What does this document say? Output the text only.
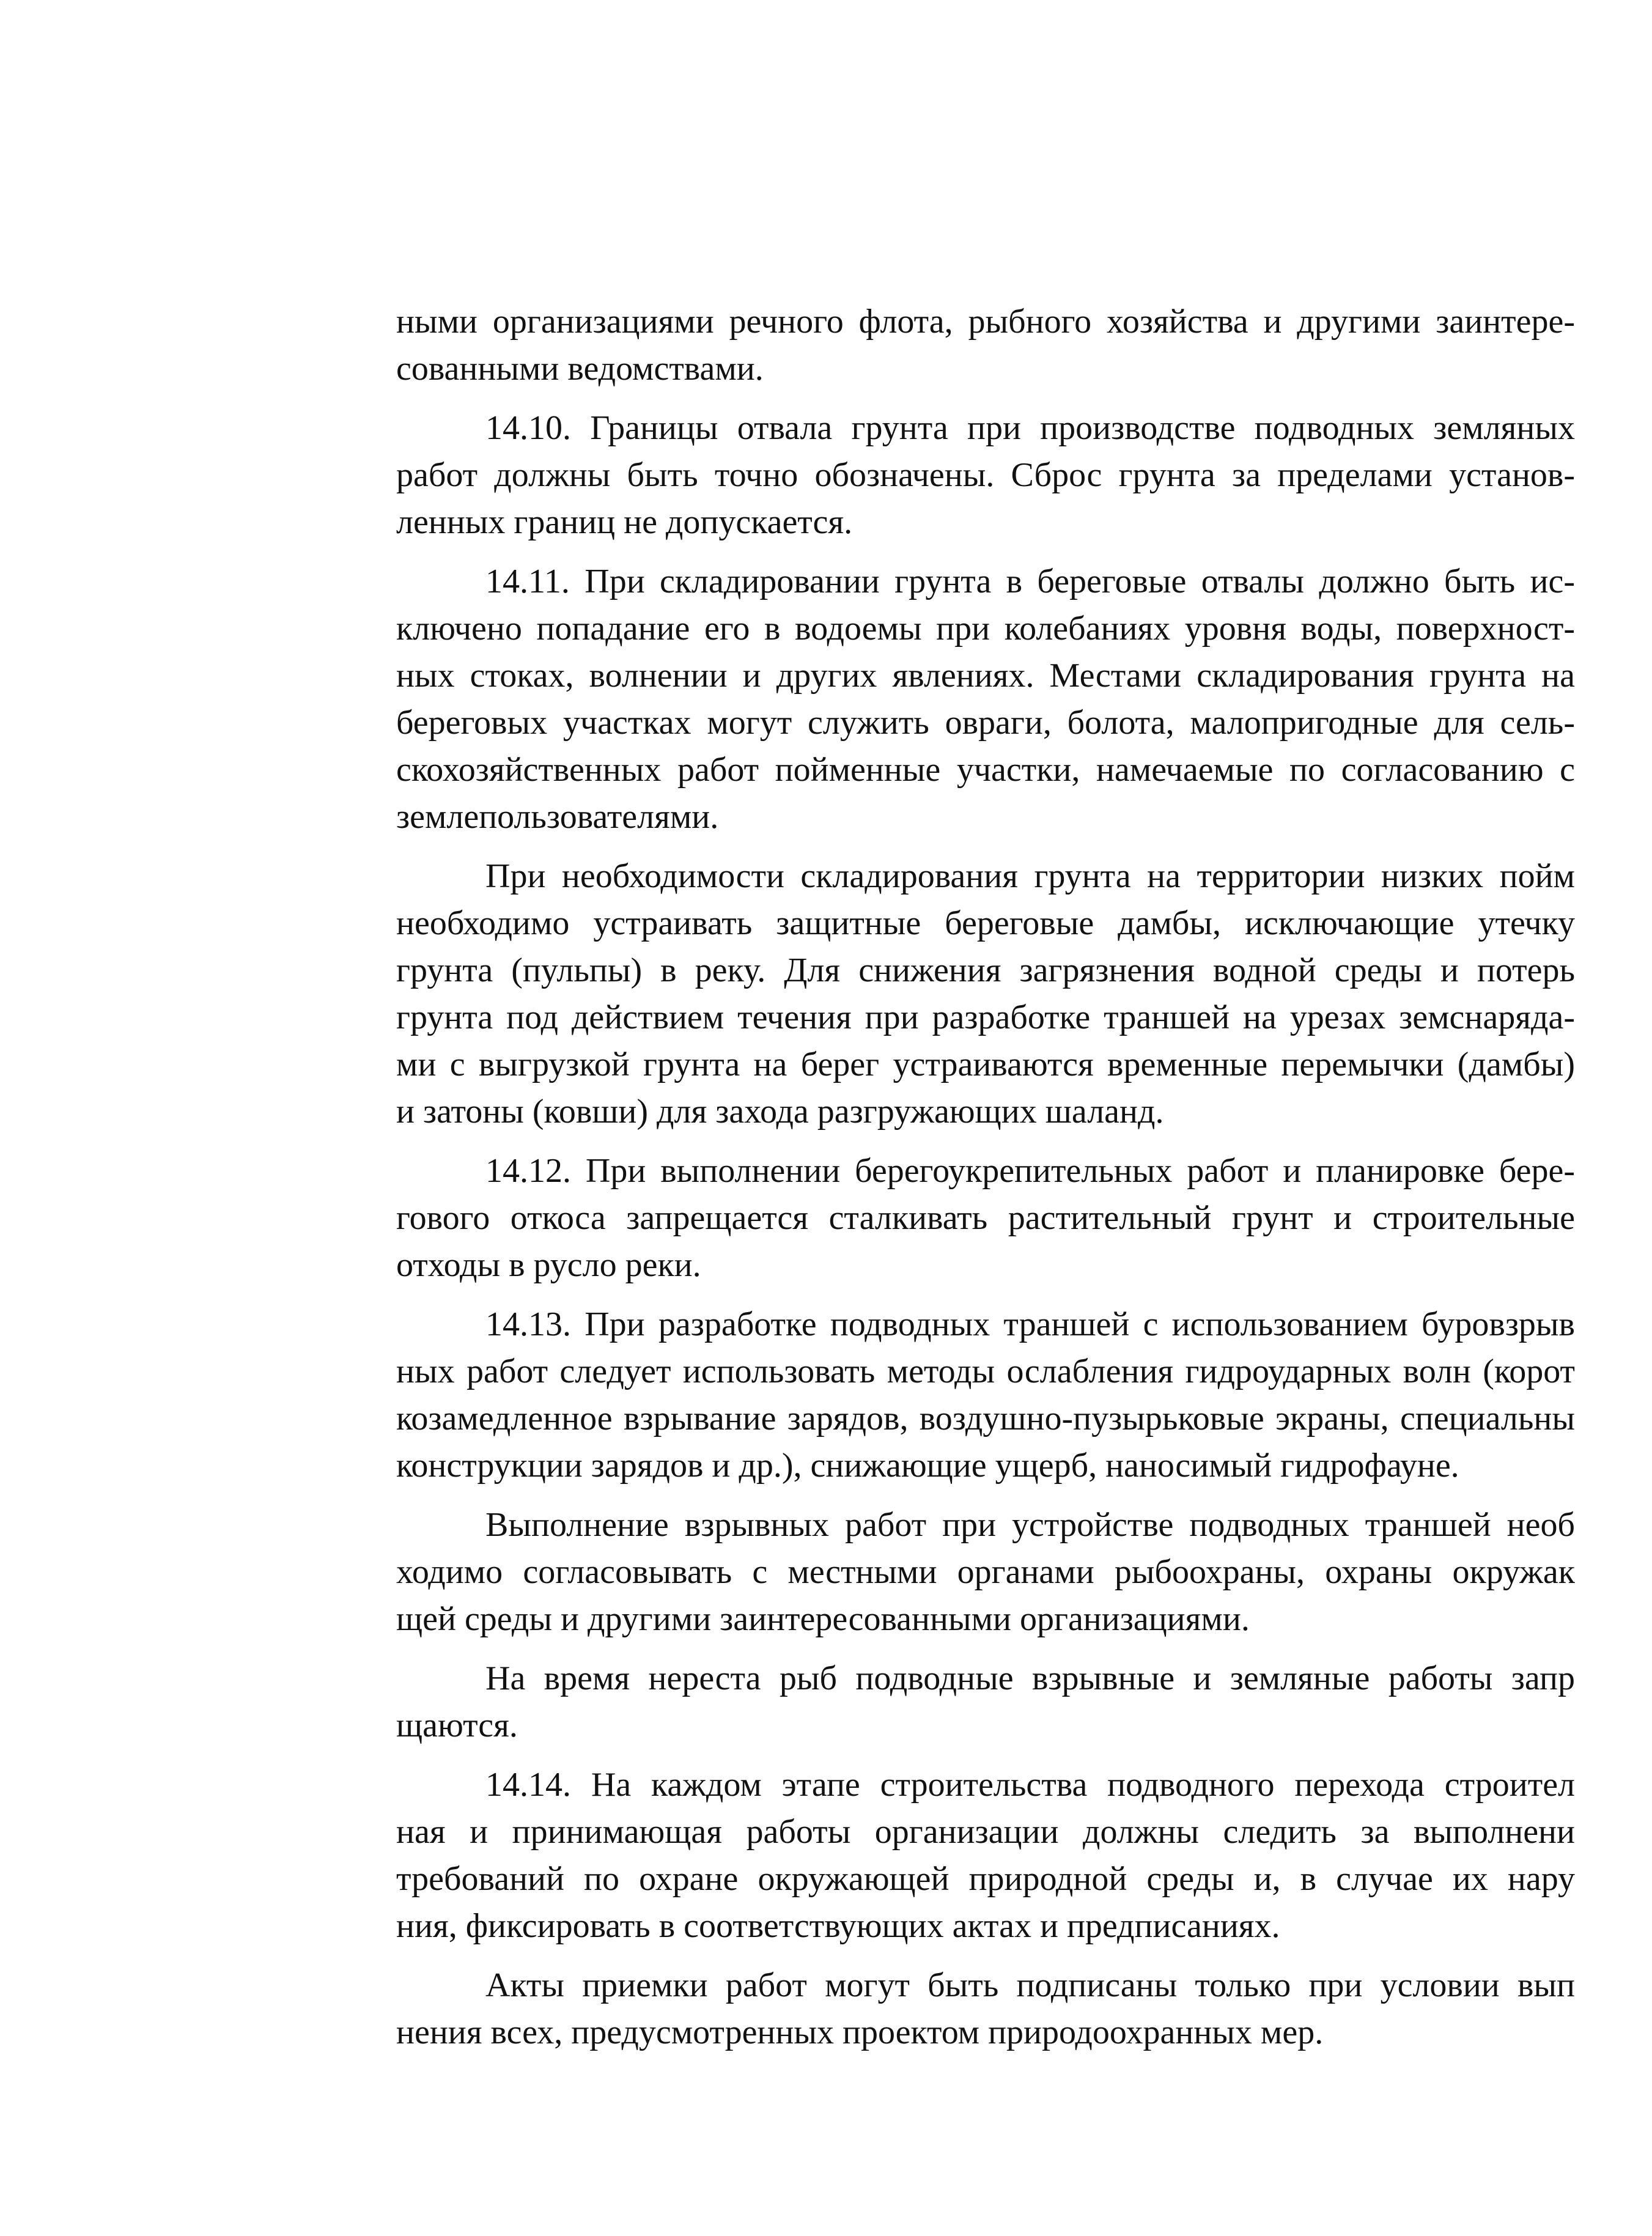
ными организациями речного флота, рыбного хозяйства и другими заинтере-
сованными ведомствами.

14.10. Границы отвала грунта при производстве подводных земляных
работ должны быть точно обозначены. Сброс грунта за пределами установ-
ленных границ не допускается.

14.11. При складировании грунта в береговые отвалы должно быть ис-
ключено попадание его в водоемы при колебаниях уровня воды, поверхност-
ных стоках, волнении и других явлениях. Местами складирования грунта на
береговых участках могут служить овраги, болота, малопригодные для сель-
скохозяйственных работ пойменные участки, намечаемые по согласованию с
землепользователями.

При необходимости складирования грунта на территории низких пойм
необходимо устраивать защитные береговые дамбы, исключающие утечку
грунта (пульпы) в реку. Для снижения загрязнения водной среды и потерь
грунта под действием течения при разработке траншей на урезах земснаряда-
ми с выгрузкой грунта на берег устраиваются временные перемычки (дамбы)
и затоны (ковши) для захода разгружающих шаланд.

14.12. При выполнении берегоукрепительных работ и планировке бере-
гового откоса запрещается сталкивать растительный грунт и строительные
отходы в русло реки.

14.13. При разработке подводных траншей с использованием буровзрыв
ных работ следует использовать методы ослабления гидроударных волн (корот
козамедленное взрывание зарядов, воздушно-пузырьковые экраны, специальны
конструкции зарядов и др.), снижающие ущерб, наносимый гидрофауне.

Выполнение взрывных работ при устройстве подводных траншей необ
ходимо согласовывать с местными органами рыбоохраны, охраны окружак
щей среды и другими заинтересованными организациями.

На время нереста рыб подводные взрывные и земляные работы запр
щаются.

14.14. На каждом этапе строительства подводного перехода строител
ная и принимающая работы организации должны следить за выполнени
требований по охране окружающей природной среды и, в случае их нару
ния, фиксировать в соответствующих актах и предписаниях.

Акты приемки работ могут быть подписаны только при условии вып
нения всех, предусмотренных проектом природоохранных мер.
